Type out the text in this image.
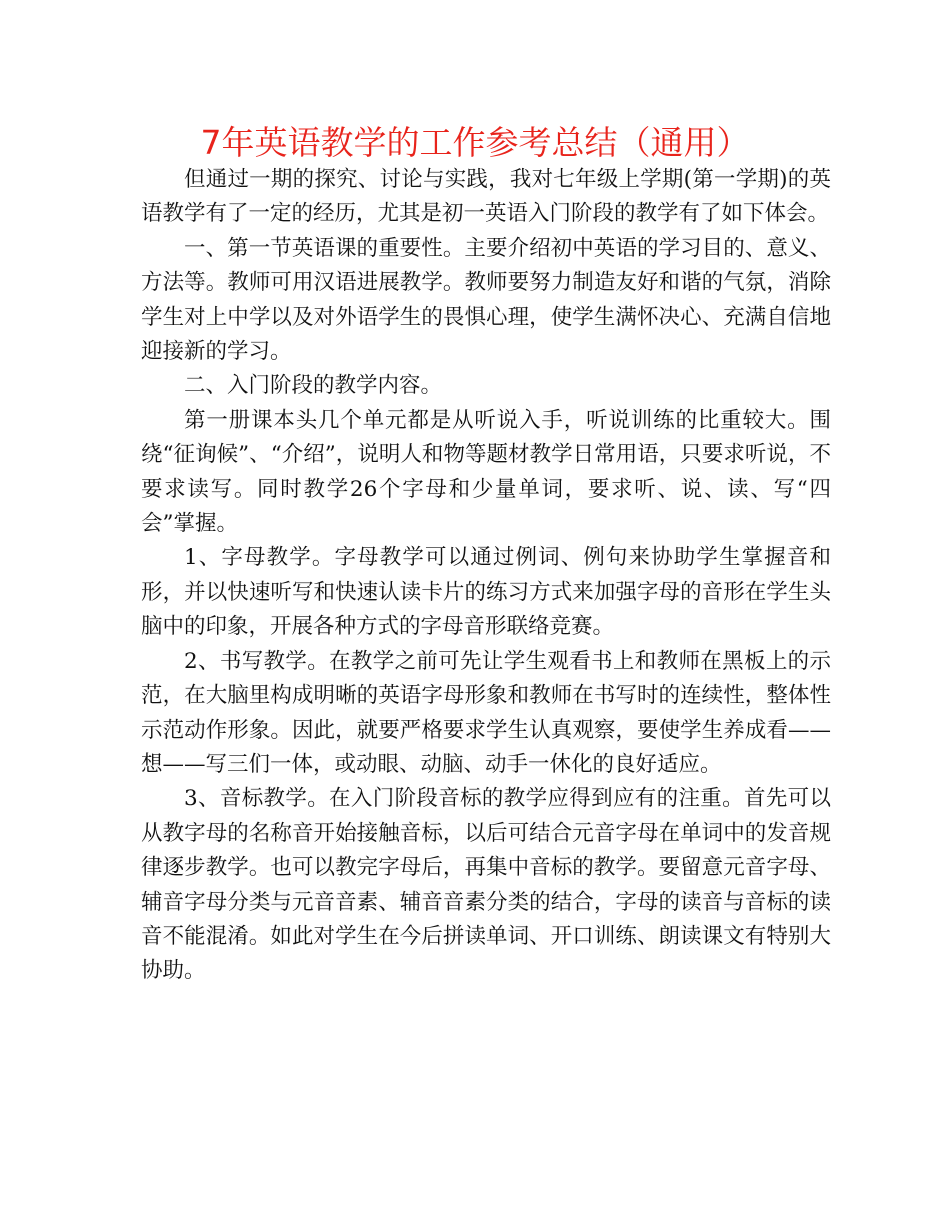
7年英语教学的工作参考总结（通用）

但通过一期的探究、讨论与实践，我对七年级上学期(第一学期)的英语教学有了一定的经历，尤其是初一英语入门阶段的教学有了如下体会。

一、第一节英语课的重要性。主要介绍初中英语的学习目的、意义、方法等。教师可用汉语进展教学。教师要努力制造友好和谐的气氛，消除学生对上中学以及对外语学生的畏惧心理，使学生满怀决心、充满自信地迎接新的学习。

二、入门阶段的教学内容。

第一册课本头几个单元都是从听说入手，听说训练的比重较大。围绕“征询候”、“介绍”，说明人和物等题材教学日常用语，只要求听说，不要求读写。同时教学26个字母和少量单词，要求听、说、读、写“四会”掌握。

1、字母教学。字母教学可以通过例词、例句来协助学生掌握音和形，并以快速听写和快速认读卡片的练习方式来加强字母的音形在学生头脑中的印象，开展各种方式的字母音形联络竞赛。

2、书写教学。在教学之前可先让学生观看书上和教师在黑板上的示范，在大脑里构成明晰的英语字母形象和教师在书写时的连续性，整体性示范动作形象。因此，就要严格要求学生认真观察，要使学生养成看——想——写三们一体，或动眼、动脑、动手一休化的良好适应。

3、音标教学。在入门阶段音标的教学应得到应有的注重。首先可以从教字母的名称音开始接触音标，以后可结合元音字母在单词中的发音规律逐步教学。也可以教完字母后，再集中音标的教学。要留意元音字母、辅音字母分类与元音音素、辅音音素分类的结合，字母的读音与音标的读音不能混淆。如此对学生在今后拼读单词、开口训练、朗读课文有特别大协助。
